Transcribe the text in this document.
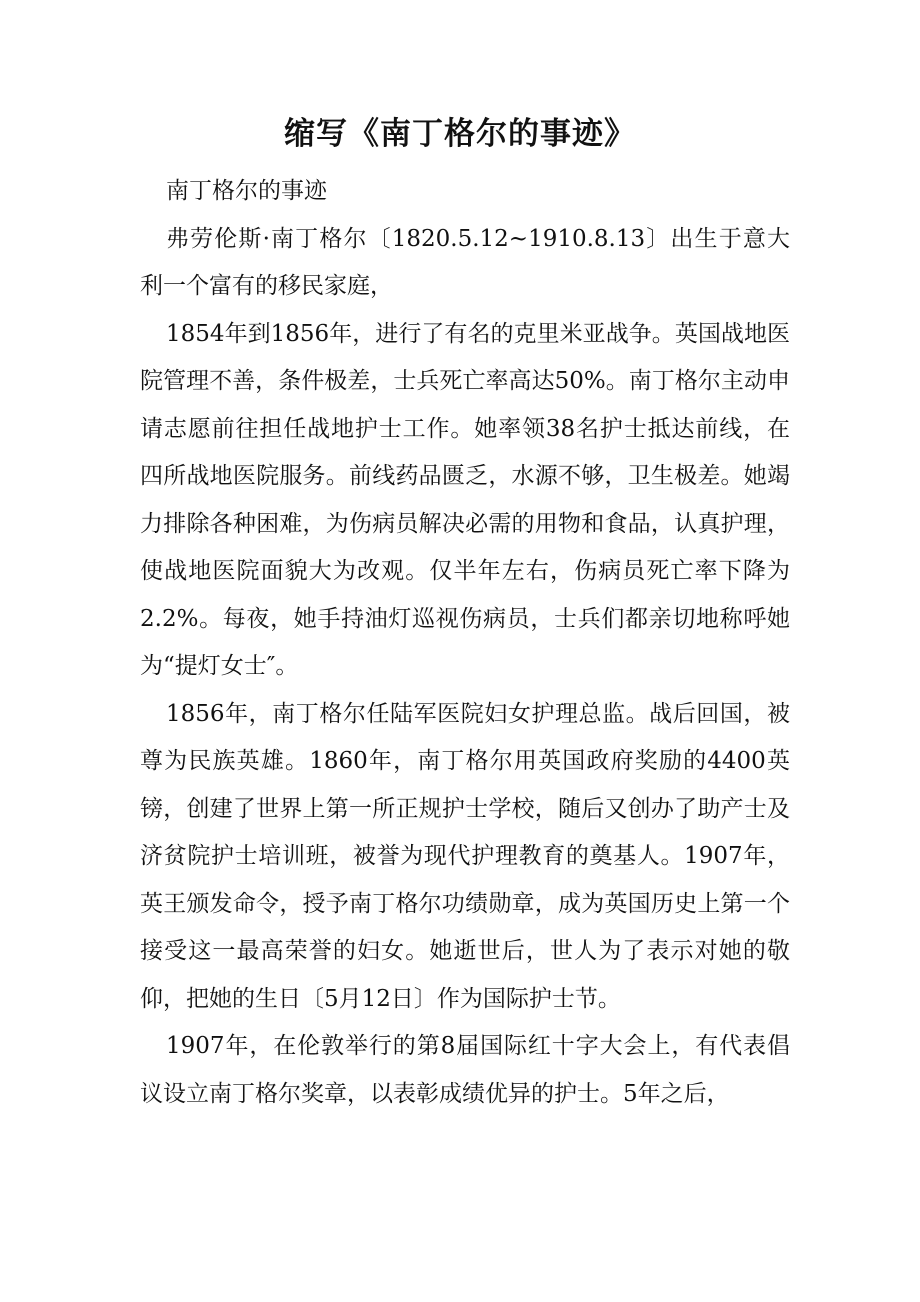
缩写《南丁格尔的事迹》

南丁格尔的事迹

弗劳伦斯·南丁格尔〔1820.5.12~1910.8.13〕出生于意大利一个富有的移民家庭，

1854年到1856年，进行了有名的克里米亚战争。英国战地医院管理不善，条件极差，士兵死亡率高达50%。南丁格尔主动申请志愿前往担任战地护士工作。她率领38名护士抵达前线，在四所战地医院服务。前线药品匮乏，水源不够，卫生极差。她竭力排除各种困难，为伤病员解决必需的用物和食品，认真护理，使战地医院面貌大为改观。仅半年左右，伤病员死亡率下降为2.2%。每夜，她手持油灯巡视伤病员，士兵们都亲切地称呼她为“提灯女士″。

1856年，南丁格尔任陆军医院妇女护理总监。战后回国，被尊为民族英雄。1860年，南丁格尔用英国政府奖励的4400英镑，创建了世界上第一所正规护士学校，随后又创办了助产士及济贫院护士培训班，被誉为现代护理教育的奠基人。1907年，英王颁发命令，授予南丁格尔功绩勋章，成为英国历史上第一个接受这一最高荣誉的妇女。她逝世后，世人为了表示对她的敬仰，把她的生日〔5月12日〕作为国际护士节。

1907年，在伦敦举行的第8届国际红十字大会上，有代表倡议设立南丁格尔奖章，以表彰成绩优异的护士。5年之后，
